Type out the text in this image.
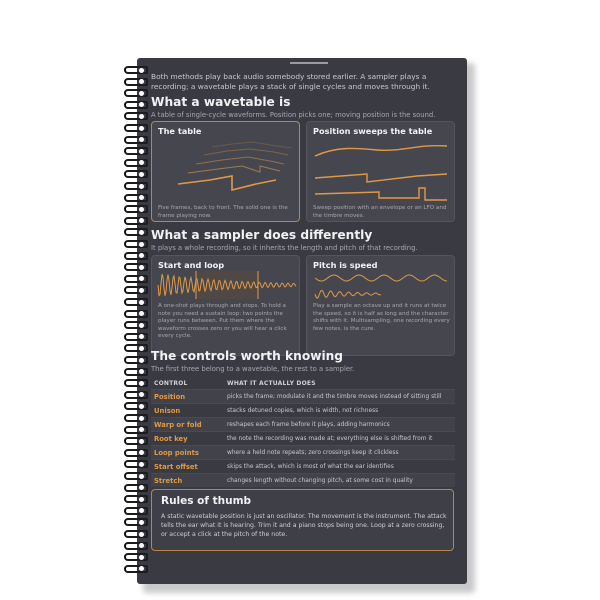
Both methods play back audio somebody stored earlier. A sampler plays a recording; a wavetable plays a stack of single cycles and moves through it.
What a wavetable is
A table of single-cycle waveforms. Position picks one; moving position is the sound.
The table
Five frames, back to front. The solid one is the frame playing now.
Position sweeps the table
Sweep position with an envelope or an LFO and the timbre moves.
What a sampler does differently
It plays a whole recording, so it inherits the length and pitch of that recording.
Start and loop
A one-shot plays through and stops. To hold a note you need a sustain loop: two points the player runs between. Put them where the waveform crosses zero or you will hear a click every cycle.
Pitch is speed
Play a sample an octave up and it runs at twice the speed, so it is half as long and the character shifts with it. Multisampling, one recording every few notes, is the cure.
The controls worth knowing
The first three belong to a wavetable, the rest to a sampler.
CONTROL	WHAT IT ACTUALLY DOES
Position	picks the frame; modulate it and the timbre moves instead of sitting still
Unison	stacks detuned copies, which is width, not richness
Warp or fold	reshapes each frame before it plays, adding harmonics
Root key	the note the recording was made at; everything else is shifted from it
Loop points	where a held note repeats; zero crossings keep it clickless
Start offset	skips the attack, which is most of what the ear identifies
Stretch	changes length without changing pitch, at some cost in quality
Rules of thumb
A static wavetable position is just an oscillator. The movement is the instrument. The attack tells the ear what it is hearing. Trim it and a piano stops being one. Loop at a zero crossing, or accept a click at the pitch of the note.
